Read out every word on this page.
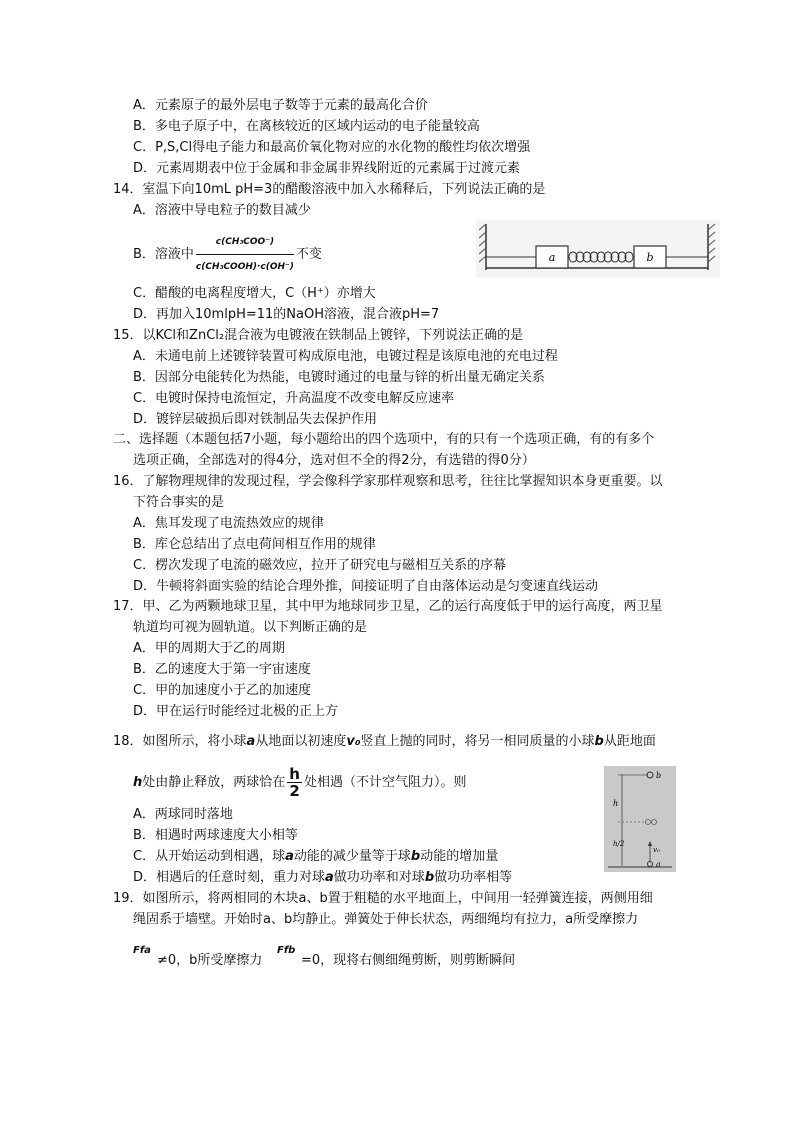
A．元素原子的最外层电子数等于元素的最高化合价
B．多电子原子中，在离核较近的区域内运动的电子能量较高
C．P,S,Cl得电子能力和最高价氧化物对应的水化物的酸性均依次增强
D．元素周期表中位于金属和非金属非界线附近的元素属于过渡元素
14．室温下向10mL pH=3的醋酸溶液中加入水稀释后，下列说法正确的是
A．溶液中导电粒子的数目减少
B．溶液中 $\frac{\text{c(CH₃COO⁻)}}{\text{c(CH₃COOH)·c(OH⁻)}}$ 不变
C．醋酸的电离程度增大，C（H⁺）亦增大
D．再加入10mlpH=11的NaOH溶液，混合液pH=7
a	b
15．以KCl和ZnCl₂混合液为电镀液在铁制品上镀锌，下列说法正确的是
A．未通电前上述镀锌装置可构成原电池，电镀过程是该原电池的充电过程
B．因部分电能转化为热能，电镀时通过的电量与锌的析出量无确定关系
C．电镀时保持电流恒定，升高温度不改变电解反应速率
D．镀锌层破损后即对铁制品失去保护作用
二、选择题（本题包括7小题，每小题给出的四个选项中，有的只有一个选项正确，有的有多个
选项正确，全部选对的得4分，选对但不全的得2分，有选错的得0分）
16．了解物理规律的发现过程，学会像科学家那样观察和思考，往往比掌握知识本身更重要。以
下符合事实的是
A．焦耳发现了电流热效应的规律
B．库仑总结出了点电荷间相互作用的规律
C．楞次发现了电流的磁效应，拉开了研究电与磁相互关系的序幕
D．牛顿将斜面实验的结论合理外推，间接证明了自由落体运动是匀变速直线运动
17．甲、乙为两颗地球卫星，其中甲为地球同步卫星，乙的运行高度低于甲的运行高度，两卫星
轨道均可视为圆轨道。以下判断正确的是
A．甲的周期大于乙的周期
B．乙的速度大于第一宇宙速度
C．甲的加速度小于乙的加速度
D．甲在运行时能经过北极的正上方
18．如图所示，将小球a从地面以初速度v₀竖直上抛的同时，将另一相同质量的小球b从距地面
h处由静止释放，两球恰在 $\frac{h}{2}$ 处相遇（不计空气阻力）。则
A．两球同时落地
B．相遇时两球速度大小相等
C．从开始运动到相遇，球a动能的减少量等于球b动能的增加量
D．相遇后的任意时刻，重力对球a做功功率和对球b做功功率相等
b
h
h/2
v₀
a
19．如图所示，将两相同的木块a、b置于粗糙的水平地面上，中间用一轻弹簧连接，两侧用细
绳固系于墙壁。开始时a、b均静止。弹簧处于伸长状态，两细绳均有拉力，a所受摩擦力
Ffa
≠0，b所受摩擦力
Ffb
=0，现将右侧细绳剪断，则剪断瞬间
